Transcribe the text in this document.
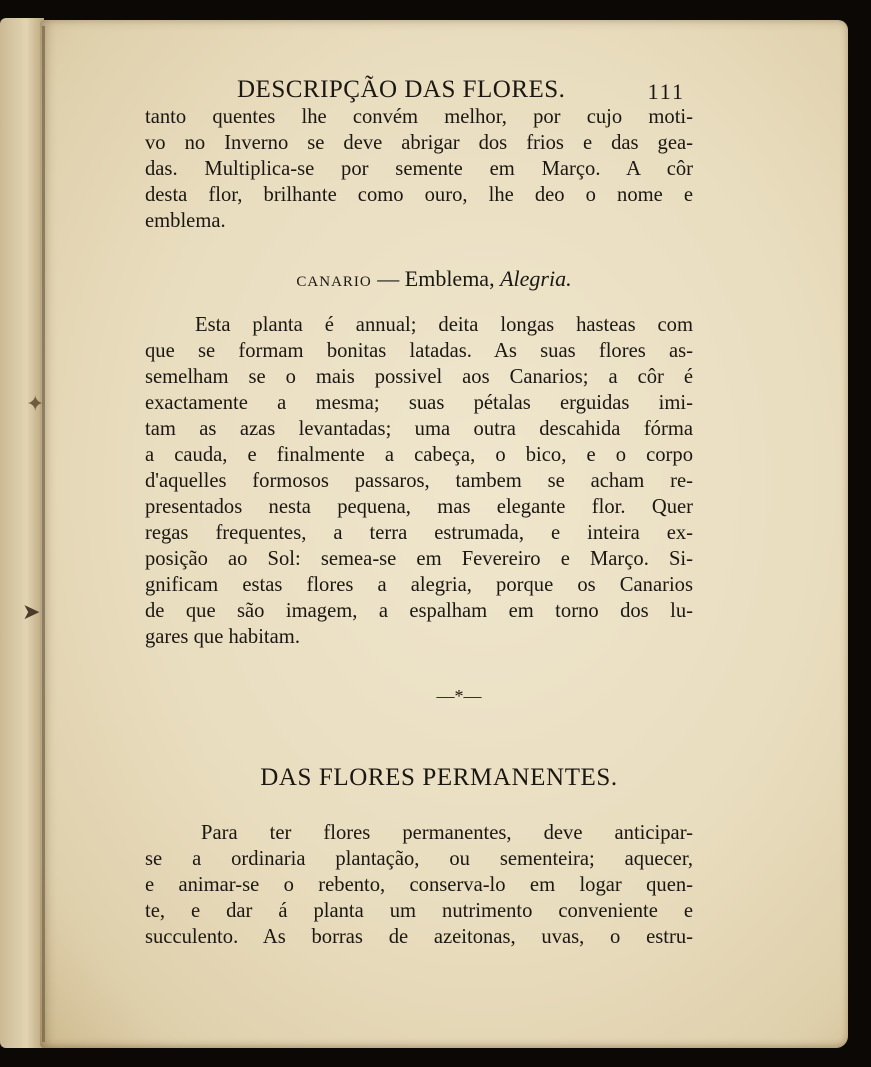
✦
➤
DESCRIPÇÃO DAS FLORES.	111

tanto quentes lhe convém melhor, por cujo moti-

vo no Inverno se deve abrigar dos frios e das gea-

das. Multiplica-se por semente em Março. A côr

desta flor, brilhante como ouro, lhe deo o nome e

emblema.

CANARIO — Emblema, Alegria.

Esta planta é annual; deita longas hasteas com

que se formam bonitas latadas. As suas flores as-

semelham se o mais possivel aos Canarios; a côr é

exactamente a mesma; suas pétalas erguidas imi-

tam as azas levantadas; uma outra descahida fórma

a cauda, e finalmente a cabeça, o bico, e o corpo

d'aquelles formosos passaros, tambem se acham re-

presentados nesta pequena, mas elegante flor. Quer

regas frequentes, a terra estrumada, e inteira ex-

posição ao Sol: semea-se em Fevereiro e Março. Si-

gnificam estas flores a alegria, porque os Canarios

de que são imagem, a espalham em torno dos lu-

gares que habitam.

—*—
DAS FLORES PERMANENTES.

Para ter flores permanentes, deve anticipar-

se a ordinaria plantação, ou sementeira; aquecer,

e animar-se o rebento, conserva-lo em logar quen-

te, e dar á planta um nutrimento conveniente e

succulento. As borras de azeitonas, uvas, o estru-
